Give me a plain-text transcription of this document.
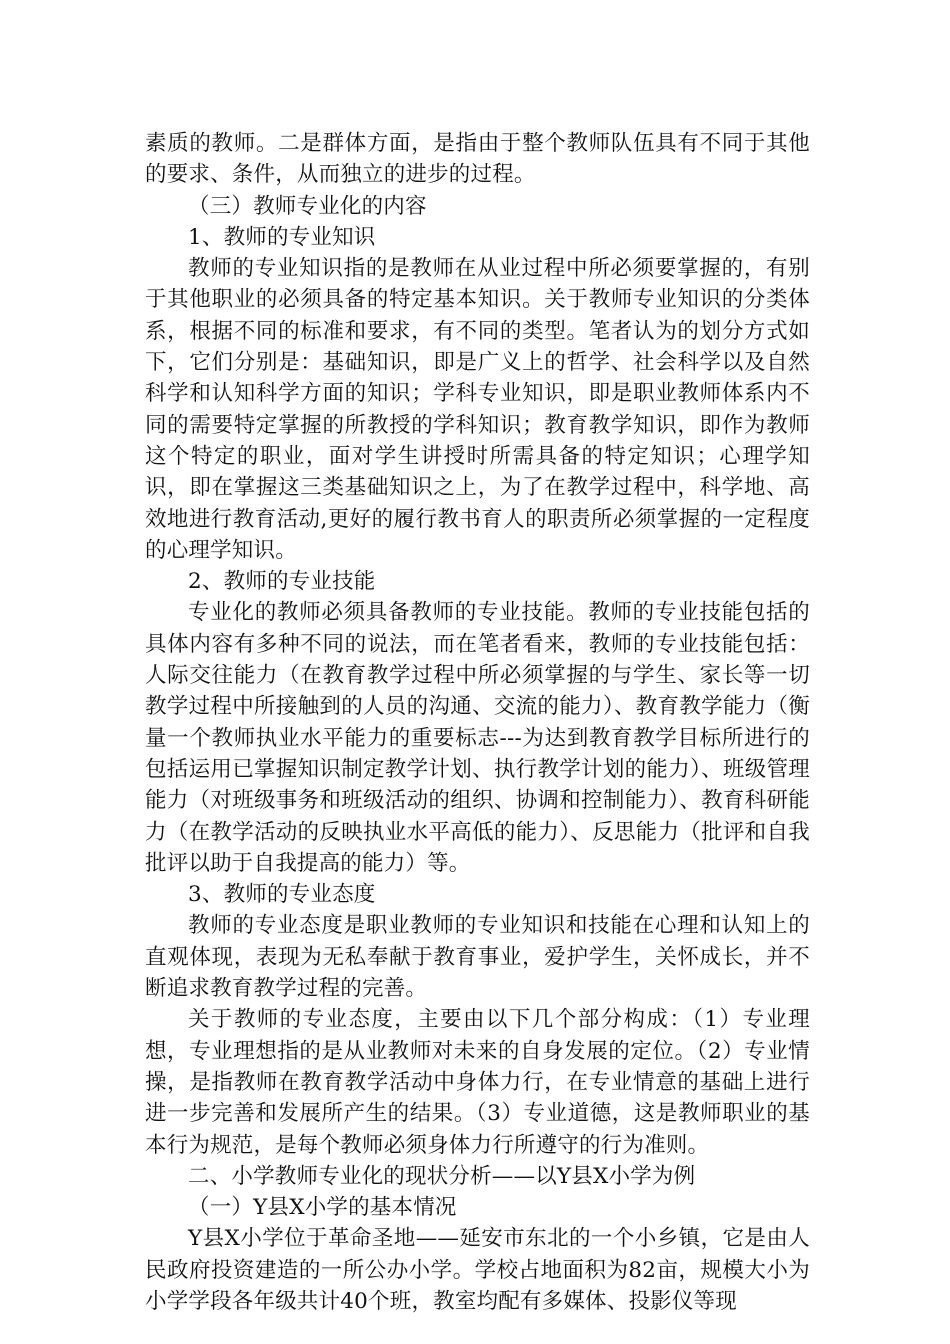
素质的教师。二是群体方面，是指由于整个教师队伍具有不同于其他的要求、条件，从而独立的进步的过程。

（三）教师专业化的内容

1、教师的专业知识

教师的专业知识指的是教师在从业过程中所必须要掌握的，有别于其他职业的必须具备的特定基本知识。关于教师专业知识的分类体系，根据不同的标准和要求，有不同的类型。笔者认为的划分方式如下，它们分别是：基础知识，即是广义上的哲学、社会科学以及自然科学和认知科学方面的知识；学科专业知识，即是职业教师体系内不同的需要特定掌握的所教授的学科知识；教育教学知识，即作为教师这个特定的职业，面对学生讲授时所需具备的特定知识；心理学知识，即在掌握这三类基础知识之上，为了在教学过程中，科学地、高效地进行教育活动,更好的履行教书育人的职责所必须掌握的一定程度的心理学知识。

2、教师的专业技能

专业化的教师必须具备教师的专业技能。教师的专业技能包括的具体内容有多种不同的说法，而在笔者看来，教师的专业技能包括：人际交往能力（在教育教学过程中所必须掌握的与学生、家长等一切教学过程中所接触到的人员的沟通、交流的能力）、教育教学能力（衡量一个教师执业水平能力的重要标志---为达到教育教学目标所进行的包括运用已掌握知识制定教学计划、执行教学计划的能力）、班级管理能力（对班级事务和班级活动的组织、协调和控制能力）、教育科研能力（在教学活动的反映执业水平高低的能力）、反思能力（批评和自我批评以助于自我提高的能力）等。

3、教师的专业态度

教师的专业态度是职业教师的专业知识和技能在心理和认知上的直观体现，表现为无私奉献于教育事业，爱护学生，关怀成长，并不断追求教育教学过程的完善。

关于教师的专业态度，主要由以下几个部分构成：（1）专业理想，专业理想指的是从业教师对未来的自身发展的定位。（2）专业情操，是指教师在教育教学活动中身体力行，在专业情意的基础上进行进一步完善和发展所产生的结果。（3）专业道德，这是教师职业的基本行为规范，是每个教师必须身体力行所遵守的行为准则。

二、小学教师专业化的现状分析——以Y县X小学为例

（一）Y县X小学的基本情况

Y县X小学位于革命圣地——延安市东北的一个小乡镇，它是由人民政府投资建造的一所公办小学。学校占地面积为82亩，规模大小为小学学段各年级共计40个班，教室均配有多媒体、投影仪等现
